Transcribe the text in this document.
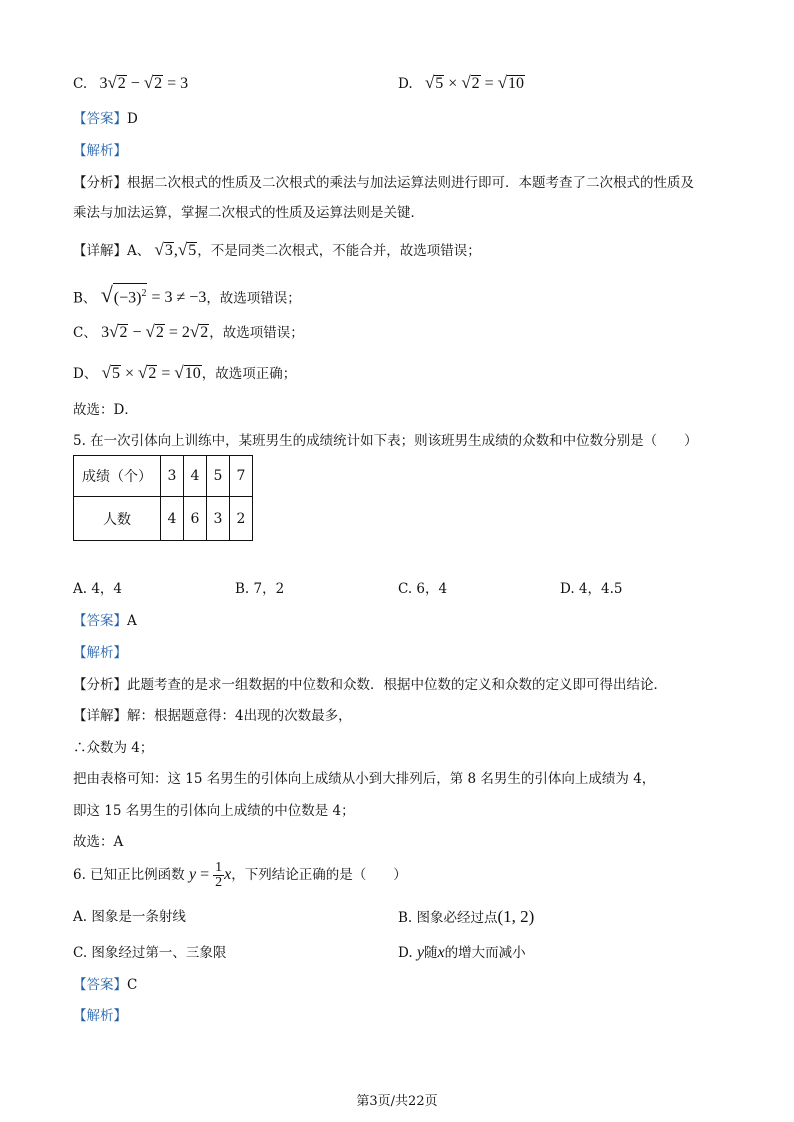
C.   3√2 − √2 = 3	D. √5 × √2 = √10
【答案】D
【解析】
【分析】根据二次根式的性质及二次根式的乘法与加法运算法则进行即可．本题考查了二次根式的性质及
乘法与加法运算，掌握二次根式的性质及运算法则是关键．
【详解】A、 √3,√5，不是同类二次根式，不能合并，故选项错误；
B、 $√(-3)^2 = 3 \ne -3$，故选项错误；
C、 3√2 − √2 = 2√2，故选项错误；
D、 √5 × √2 = √10，故选项正确；
故选：D．
5. 在一次引体向上训练中，某班男生的成绩统计如下表；则该班男生成绩的众数和中位数分别是（　　）
成绩（个）	3	4	5	7
人数	4	6	3	2
A. 4，4	B. 7，2	C. 6，4	D. 4，4.5
【答案】A
【解析】
【分析】此题考查的是求一组数据的中位数和众数．根据中位数的定义和众数的定义即可得出结论．
【详解】解：根据题意得：4出现的次数最多，
∴众数为 4；
把由表格可知：这 15 名男生的引体向上成绩从小到大排列后，第 8 名男生的引体向上成绩为 4，
即这 15 名男生的引体向上成绩的中位数是 4；
故选：A
6. 已知正比例函数 $y = \frac{1}{2}$ x，下列结论正确的是（　　）
A. 图象是一条射线	B. 图象必经过点(1, 2)
C. 图象经过第一、三象限	D. y随x的增大而减小
【答案】C
【解析】
第3页/共22页
